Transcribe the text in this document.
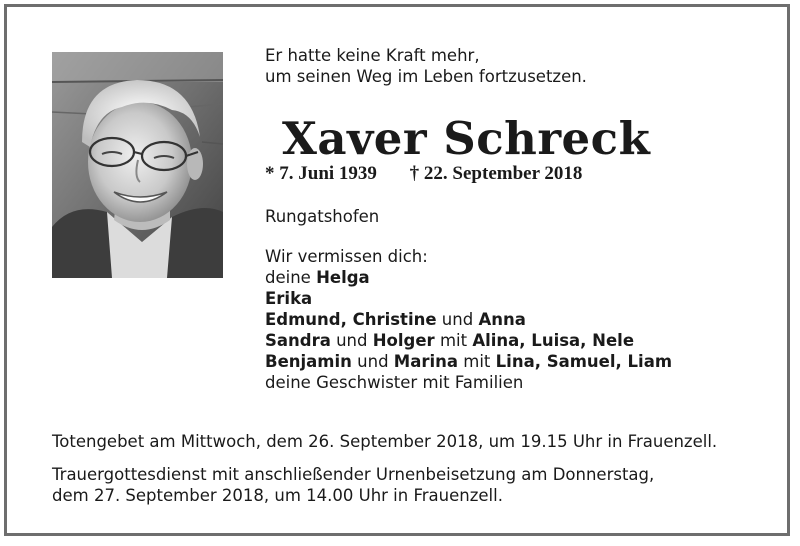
Er hatte keine Kraft mehr,
um seinen Weg im Leben fortzusetzen.
Xaver Schreck
* 7. Juni 1939 † 22. September 2018
Rungatshofen
Wir vermissen dich:
deine Helga
Erika
Edmund, Christine und Anna
Sandra und Holger mit Alina, Luisa, Nele
Benjamin und Marina mit Lina, Samuel, Liam
deine Geschwister mit Familien
Totengebet am Mittwoch, dem 26. September 2018, um 19.15 Uhr in Frauenzell.
Trauergottesdienst mit anschließender Urnenbeisetzung am Donnerstag,
dem 27. September 2018, um 14.00 Uhr in Frauenzell.
